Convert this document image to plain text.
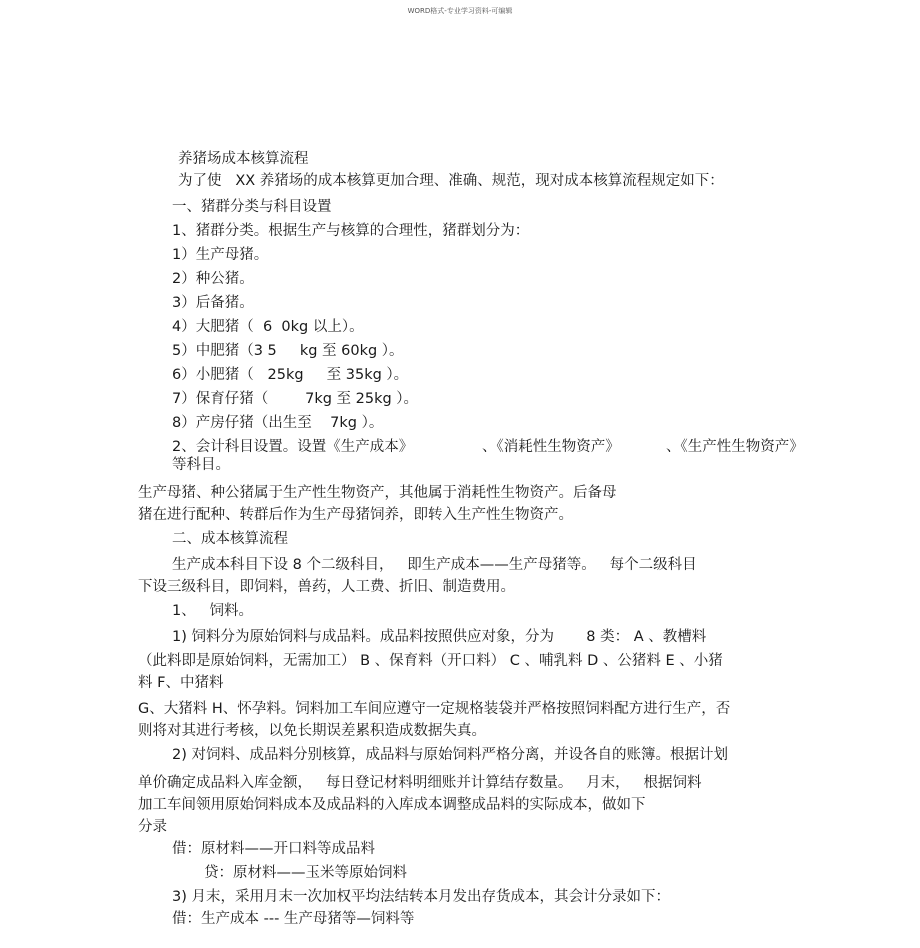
WORD格式-专业学习资料-可编辑
养猪场成本核算流程
为了使   XX 养猪场的成本核算更加合理、准确、规范，现对成本核算流程规定如下：
一、猪群分类与科目设置
1、猪群分类。根据生产与核算的合理性，猪群划分为：
1）生产母猪。
2）种公猪。
3）后备猪。
4）大肥猪（  6  0kg 以上）。
5）中肥猪（3 5     kg 至 60kg ）。
6）小肥猪（   25kg     至 35kg ）。
7）保育仔猪（        7kg 至 25kg ）。
8）产房仔猪（出生至    7kg ）。
2、会计科目设置。设置《生产成本》	、《消耗性生物资产》	、《生产性生物资产》
等科目。
生产母猪、种公猪属于生产性生物资产，其他属于消耗性生物资产。后备母
猪在进行配种、转群后作为生产母猪饲养，即转入生产性生物资产。
二、成本核算流程
生产成本科目下设 8 个二级科目，   即生产成本——生产母猪等。   每个二级科目
下设三级科目，即饲料，兽药，人工费、折旧、制造费用。
1、   饲料。
1) 饲料分为原始饲料与成品料。成品料按照供应对象，分为       8 类： A 、教槽料
（此料即是原始饲料，无需加工） B 、保育料（开口料） C 、哺乳料 D 、公猪料 E 、小猪
料 F、中猪料
G、大猪料 H、怀孕料。饲料加工车间应遵守一定规格装袋并严格按照饲料配方进行生产，否
则将对其进行考核，以免长期误差累积造成数据失真。
2) 对饲料、成品料分别核算，成品料与原始饲料严格分离，并设各自的账簿。根据计划
单价确定成品料入库金额，   每日登记材料明细账并计算结存数量。   月末，   根据饲料
加工车间领用原始饲料成本及成品料的入库成本调整成品料的实际成本，做如下
分录
借：原材料——开口料等成品料
贷：原材料——玉米等原始饲料
3) 月末，采用月末一次加权平均法结转本月发出存货成本，其会计分录如下：
借：生产成本 --- 生产母猪等—饲料等
